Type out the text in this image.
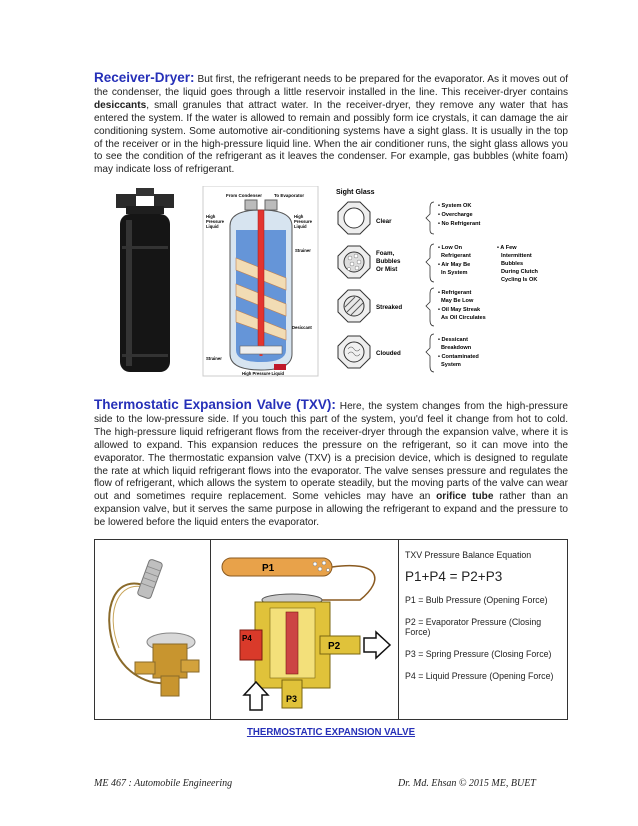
Receiver-Dryer: But first, the refrigerant needs to be prepared for the evaporator. As it moves out of the condenser, the liquid goes through a little reservoir installed in the line. This receiver-dryer contains desiccants, small granules that attract water. In the receiver-dryer, they remove any water that has entered the system. If the water is allowed to remain and possibly form ice crystals, it can damage the air conditioning system. Some automotive air-conditioning systems have a sight glass. It is usually in the top of the receiver or in the high-pressure liquid line. When the air conditioner runs, the sight glass allows you to see the condition of the refrigerant as it leaves the condenser. For example, gas bubbles (white foam) may indicate loss of refrigerant.

From Condenser	To Evaporator
High
Pressure
Liquid
High
Pressure
Liquid
Strainer
Desiccant
Strainer
High Pressure Liquid
Sight Glass
Clear
• System OK
• Overcharge
• No Refrigerant
Foam,
Bubbles
Or Mist
• Low On
Refrigerant
• Air May Be
In System
• A Few
Intermittent
Bubbles
During Clutch
Cycling Is OK
Streaked
• Refrigerant
May Be Low
• Oil May Streak
As Oil Circulates
Clouded
• Dessicant
Breakdown
• Contaminated
System

Thermostatic Expansion Valve (TXV): Here, the system changes from the high-pressure side to the low-pressure side. If you touch this part of the system, you'd feel it change from hot to cold. The high-pressure liquid refrigerant flows from the receiver-dryer through the expansion valve, where it is allowed to expand. This expansion reduces the pressure on the refrigerant, so it can move into the evaporator. The thermostatic expansion valve (TXV) is a precision device, which is designed to regulate the rate at which liquid refrigerant flows into the evaporator. The valve senses pressure and regulates the flow of refrigerant, which allows the system to operate steadily, but the moving parts of the valve can wear out and sometimes require replacement. Some vehicles may have an orifice tube rather than an expansion valve, but it serves the same purpose in allowing the refrigerant to expand and the pressure to be lowered before the liquid enters the evaporator.

P1
P4
P2
P3
TXV Pressure Balance Equation
P1+P4 = P2+P3
P1 = Bulb Pressure (Opening Force)
P2 = Evaporator Pressure (Closing Force)
P3 = Spring Pressure (Closing Force)
P4 = Liquid Pressure (Opening Force)
THERMOSTATIC EXPANSION VALVE
ME 467 : Automobile Engineering	Dr. Md. Ehsan © 2015 ME, BUET
